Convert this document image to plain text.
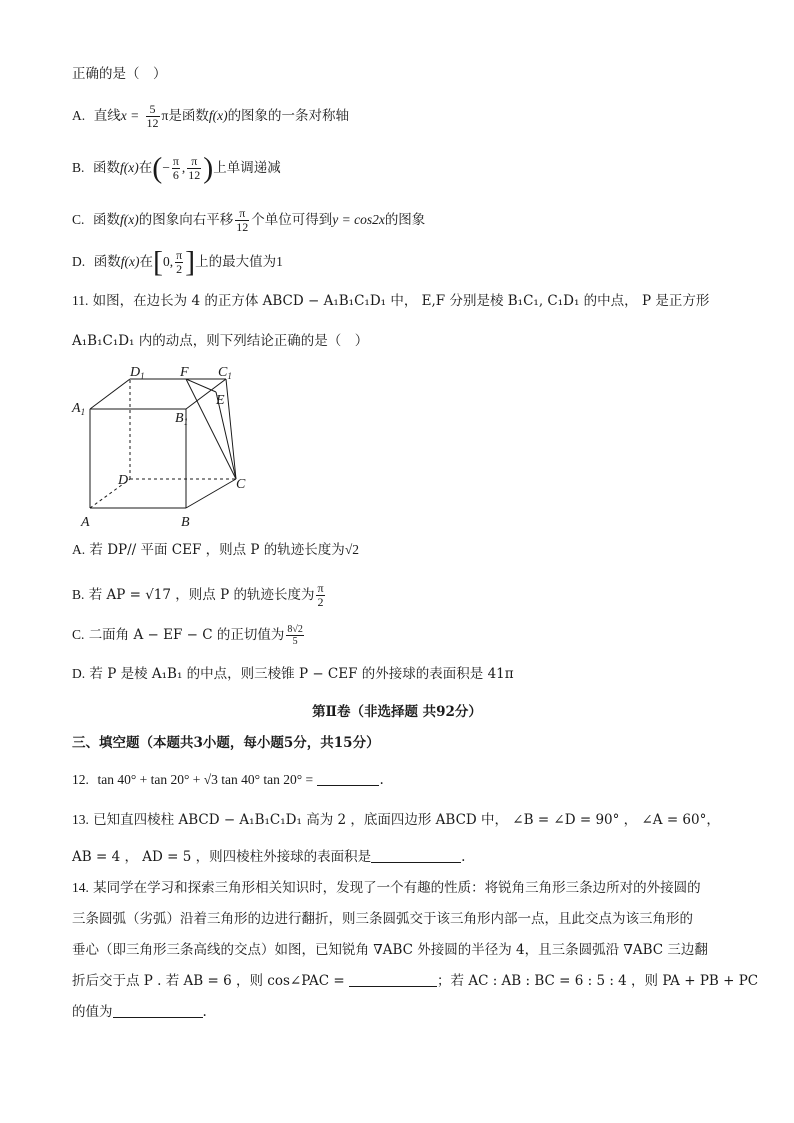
正确的是（　）
A. 直线$x = \frac{5}{12}$ π是函数f(x)的图象的一条对称轴
B. 函数f(x)在(− $\frac{\pi}{6}$ , $\frac{\pi}{12}$ )上单调递减
C. 函数f(x)的图象向右平移 $\frac{\pi}{12}$ 个单位可得到y = cos2x的图象
D. 函数f(x)在[0, $\frac{\pi}{2}$ ]上的最大值为1
11. 如图，在边长为 4 的正方体 ABCD − A₁B₁C₁D₁ 中， E,F 分别是棱 B₁C₁, C₁D₁ 的中点， P 是正方形
A₁B₁C₁D₁ 内的动点，则下列结论正确的是（　）
$D_1$	F $C_1$
$A_1$
E
$B_1$
D	C
A	B
A. 若 DP// 平面 CEF ，则点 P 的轨迹长度为√2
B. 若 AP = √17 ，则点 P 的轨迹长度为 $\frac{\pi}{2}$
C. 二面角 A − EF − C 的正切值为 $\frac{8√2}{5}$
D. 若 P 是棱 A₁B₁ 的中点，则三棱锥 P − CEF 的外接球的表面积是 41π
第Ⅱ卷（非选择题 共92分）
三、填空题（本题共3小题，每小题5分，共15分）
12. tan 40° + tan 20° + √3 tan 40° tan 20° =	.
13. 已知直四棱柱 ABCD − A₁B₁C₁D₁ 高为 2 ，底面四边形 ABCD 中， ∠B = ∠D = 90° ， ∠A = 60°，
AB = 4 ， AD = 5 ，则四棱柱外接球的表面积是	.
14. 某同学在学习和探索三角形相关知识时，发现了一个有趣的性质：将锐角三角形三条边所对的外接圆的
三条圆弧（劣弧）沿着三角形的边进行翻折，则三条圆弧交于该三角形内部一点，且此交点为该三角形的
垂心（即三角形三条高线的交点）如图，已知锐角 ∇ABC 外接圆的半径为 4，且三条圆弧沿 ∇ABC 三边翻
折后交于点 P . 若 AB = 6 ，则 cos∠PAC =	；若 AC : AB : BC = 6 : 5 : 4 ，则 PA + PB + PC
的值为	.
